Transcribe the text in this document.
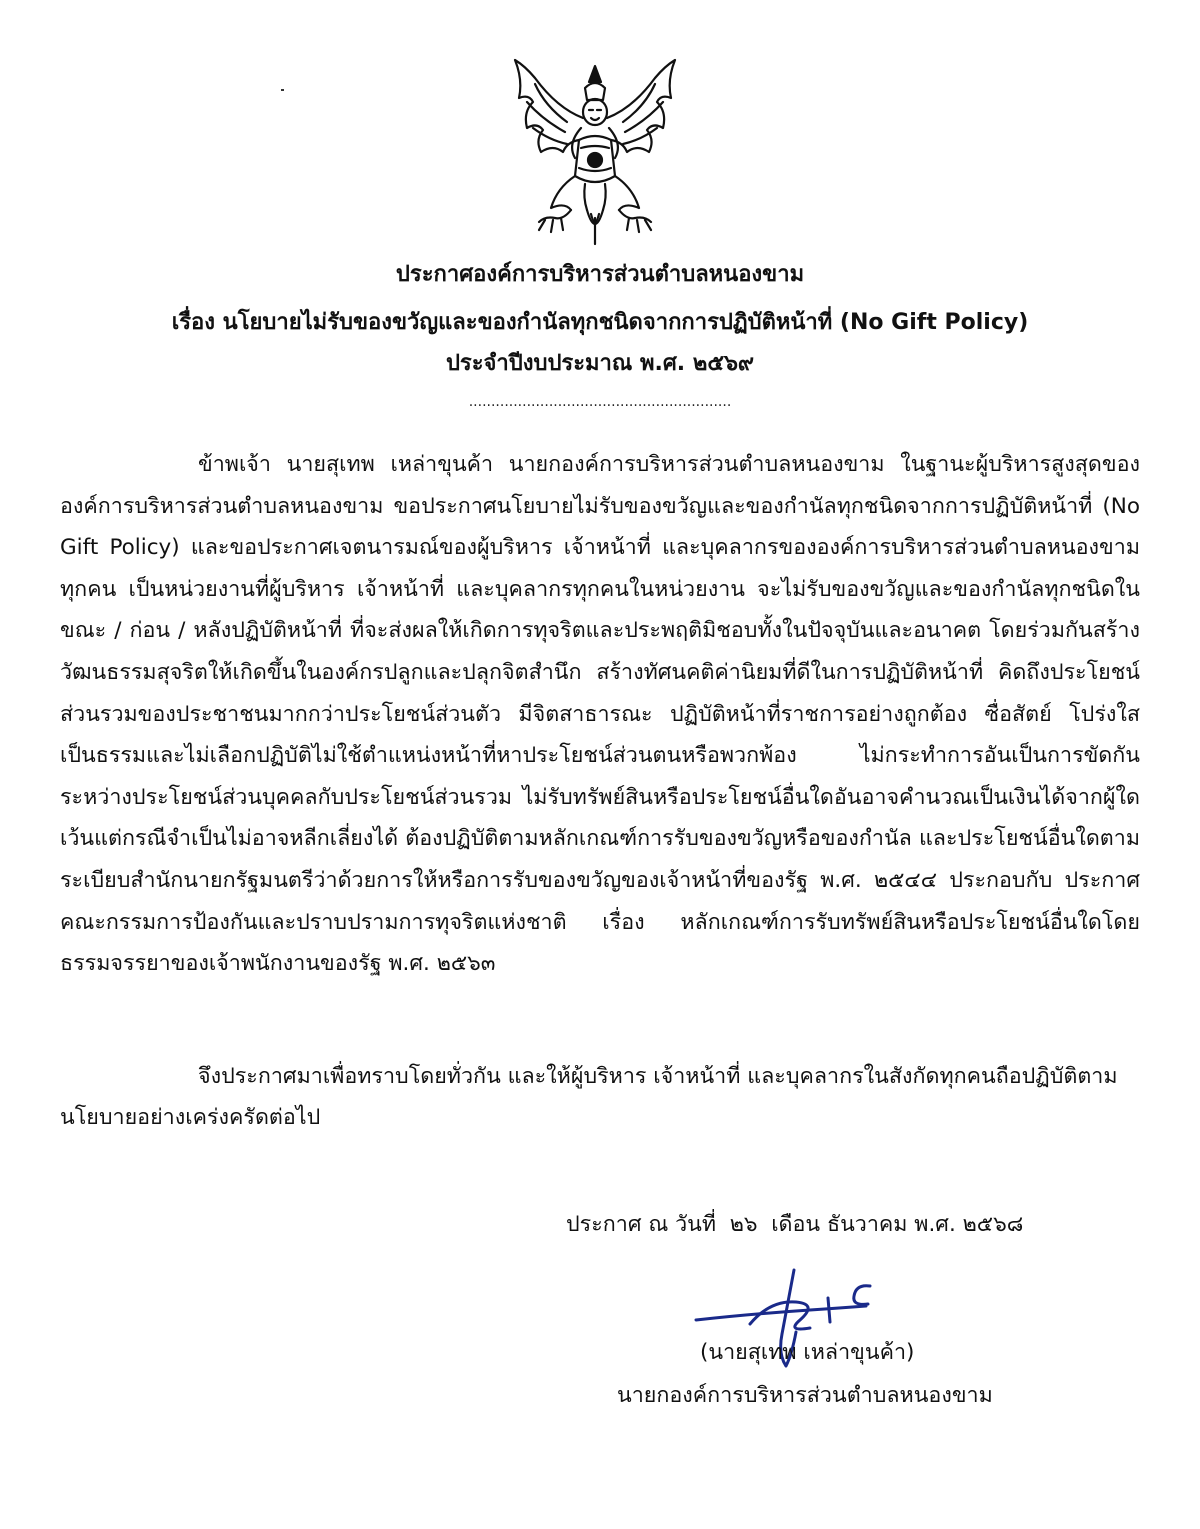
ประกาศองค์การบริหารส่วนตำบลหนองขาม
เรื่อง นโยบายไม่รับของขวัญและของกำนัลทุกชนิดจากการปฏิบัติหน้าที่ (No Gift Policy)
ประจำปีงบประมาณ พ.ศ. ๒๕๖๙
...........................................................

ข้าพเจ้า นายสุเทพ เหล่าขุนค้า นายกองค์การบริหารส่วนตำบลหนองขาม ในฐานะผู้บริหารสูงสุดขององค์การบริหารส่วนตำบลหนองขาม ขอประกาศนโยบายไม่รับของขวัญและของกำนัลทุกชนิดจากการปฏิบัติหน้าที่ (No Gift Policy) และขอประกาศเจตนารมณ์ของผู้บริหาร เจ้าหน้าที่ และบุคลากรขององค์การบริหารส่วนตำบลหนองขามทุกคน เป็นหน่วยงานที่ผู้บริหาร เจ้าหน้าที่ และบุคลากรทุกคนในหน่วยงาน จะไม่รับของขวัญและของกำนัลทุกชนิดในขณะ / ก่อน / หลังปฏิบัติหน้าที่ ที่จะส่งผลให้เกิดการทุจริตและประพฤติมิชอบทั้งในปัจจุบันและอนาคต โดยร่วมกันสร้างวัฒนธรรมสุจริตให้เกิดขึ้นในองค์กรปลูกและปลุกจิตสำนึก สร้างทัศนคติค่านิยมที่ดีในการปฏิบัติหน้าที่ คิดถึงประโยชน์ส่วนรวมของประชาชนมากกว่าประโยชน์ส่วนตัว มีจิตสาธารณะ ปฏิบัติหน้าที่ราชการอย่างถูกต้อง ซื่อสัตย์ โปร่งใส เป็นธรรมและไม่เลือกปฏิบัติไม่ใช้ตำแหน่งหน้าที่หาประโยชน์ส่วนตนหรือพวกพ้อง ไม่กระทำการอันเป็นการขัดกันระหว่างประโยชน์ส่วนบุคคลกับประโยชน์ส่วนรวม ไม่รับทรัพย์สินหรือประโยชน์อื่นใดอันอาจคำนวณเป็นเงินได้จากผู้ใด เว้นแต่กรณีจำเป็นไม่อาจหลีกเลี่ยงได้ ต้องปฏิบัติตามหลักเกณฑ์การรับของขวัญหรือของกำนัล และประโยชน์อื่นใดตามระเบียบสำนักนายกรัฐมนตรีว่าด้วยการให้หรือการรับของขวัญของเจ้าหน้าที่ของรัฐ พ.ศ. ๒๕๔๔ ประกอบกับ ประกาศคณะกรรมการป้องกันและปราบปรามการทุจริตแห่งชาติ เรื่อง หลักเกณฑ์การรับทรัพย์สินหรือประโยชน์อื่นใดโดยธรรมจรรยาของเจ้าพนักงานของรัฐ พ.ศ. ๒๕๖๓

จึงประกาศมาเพื่อทราบโดยทั่วกัน และให้ผู้บริหาร เจ้าหน้าที่ และบุคลากรในสังกัดทุกคนถือปฏิบัติตามนโยบายอย่างเคร่งครัดต่อไป

ประกาศ ณ วันที่  ๒๖  เดือน ธันวาคม พ.ศ. ๒๕๖๘
(นายสุเทพ เหล่าขุนค้า)
นายกองค์การบริหารส่วนตำบลหนองขาม
